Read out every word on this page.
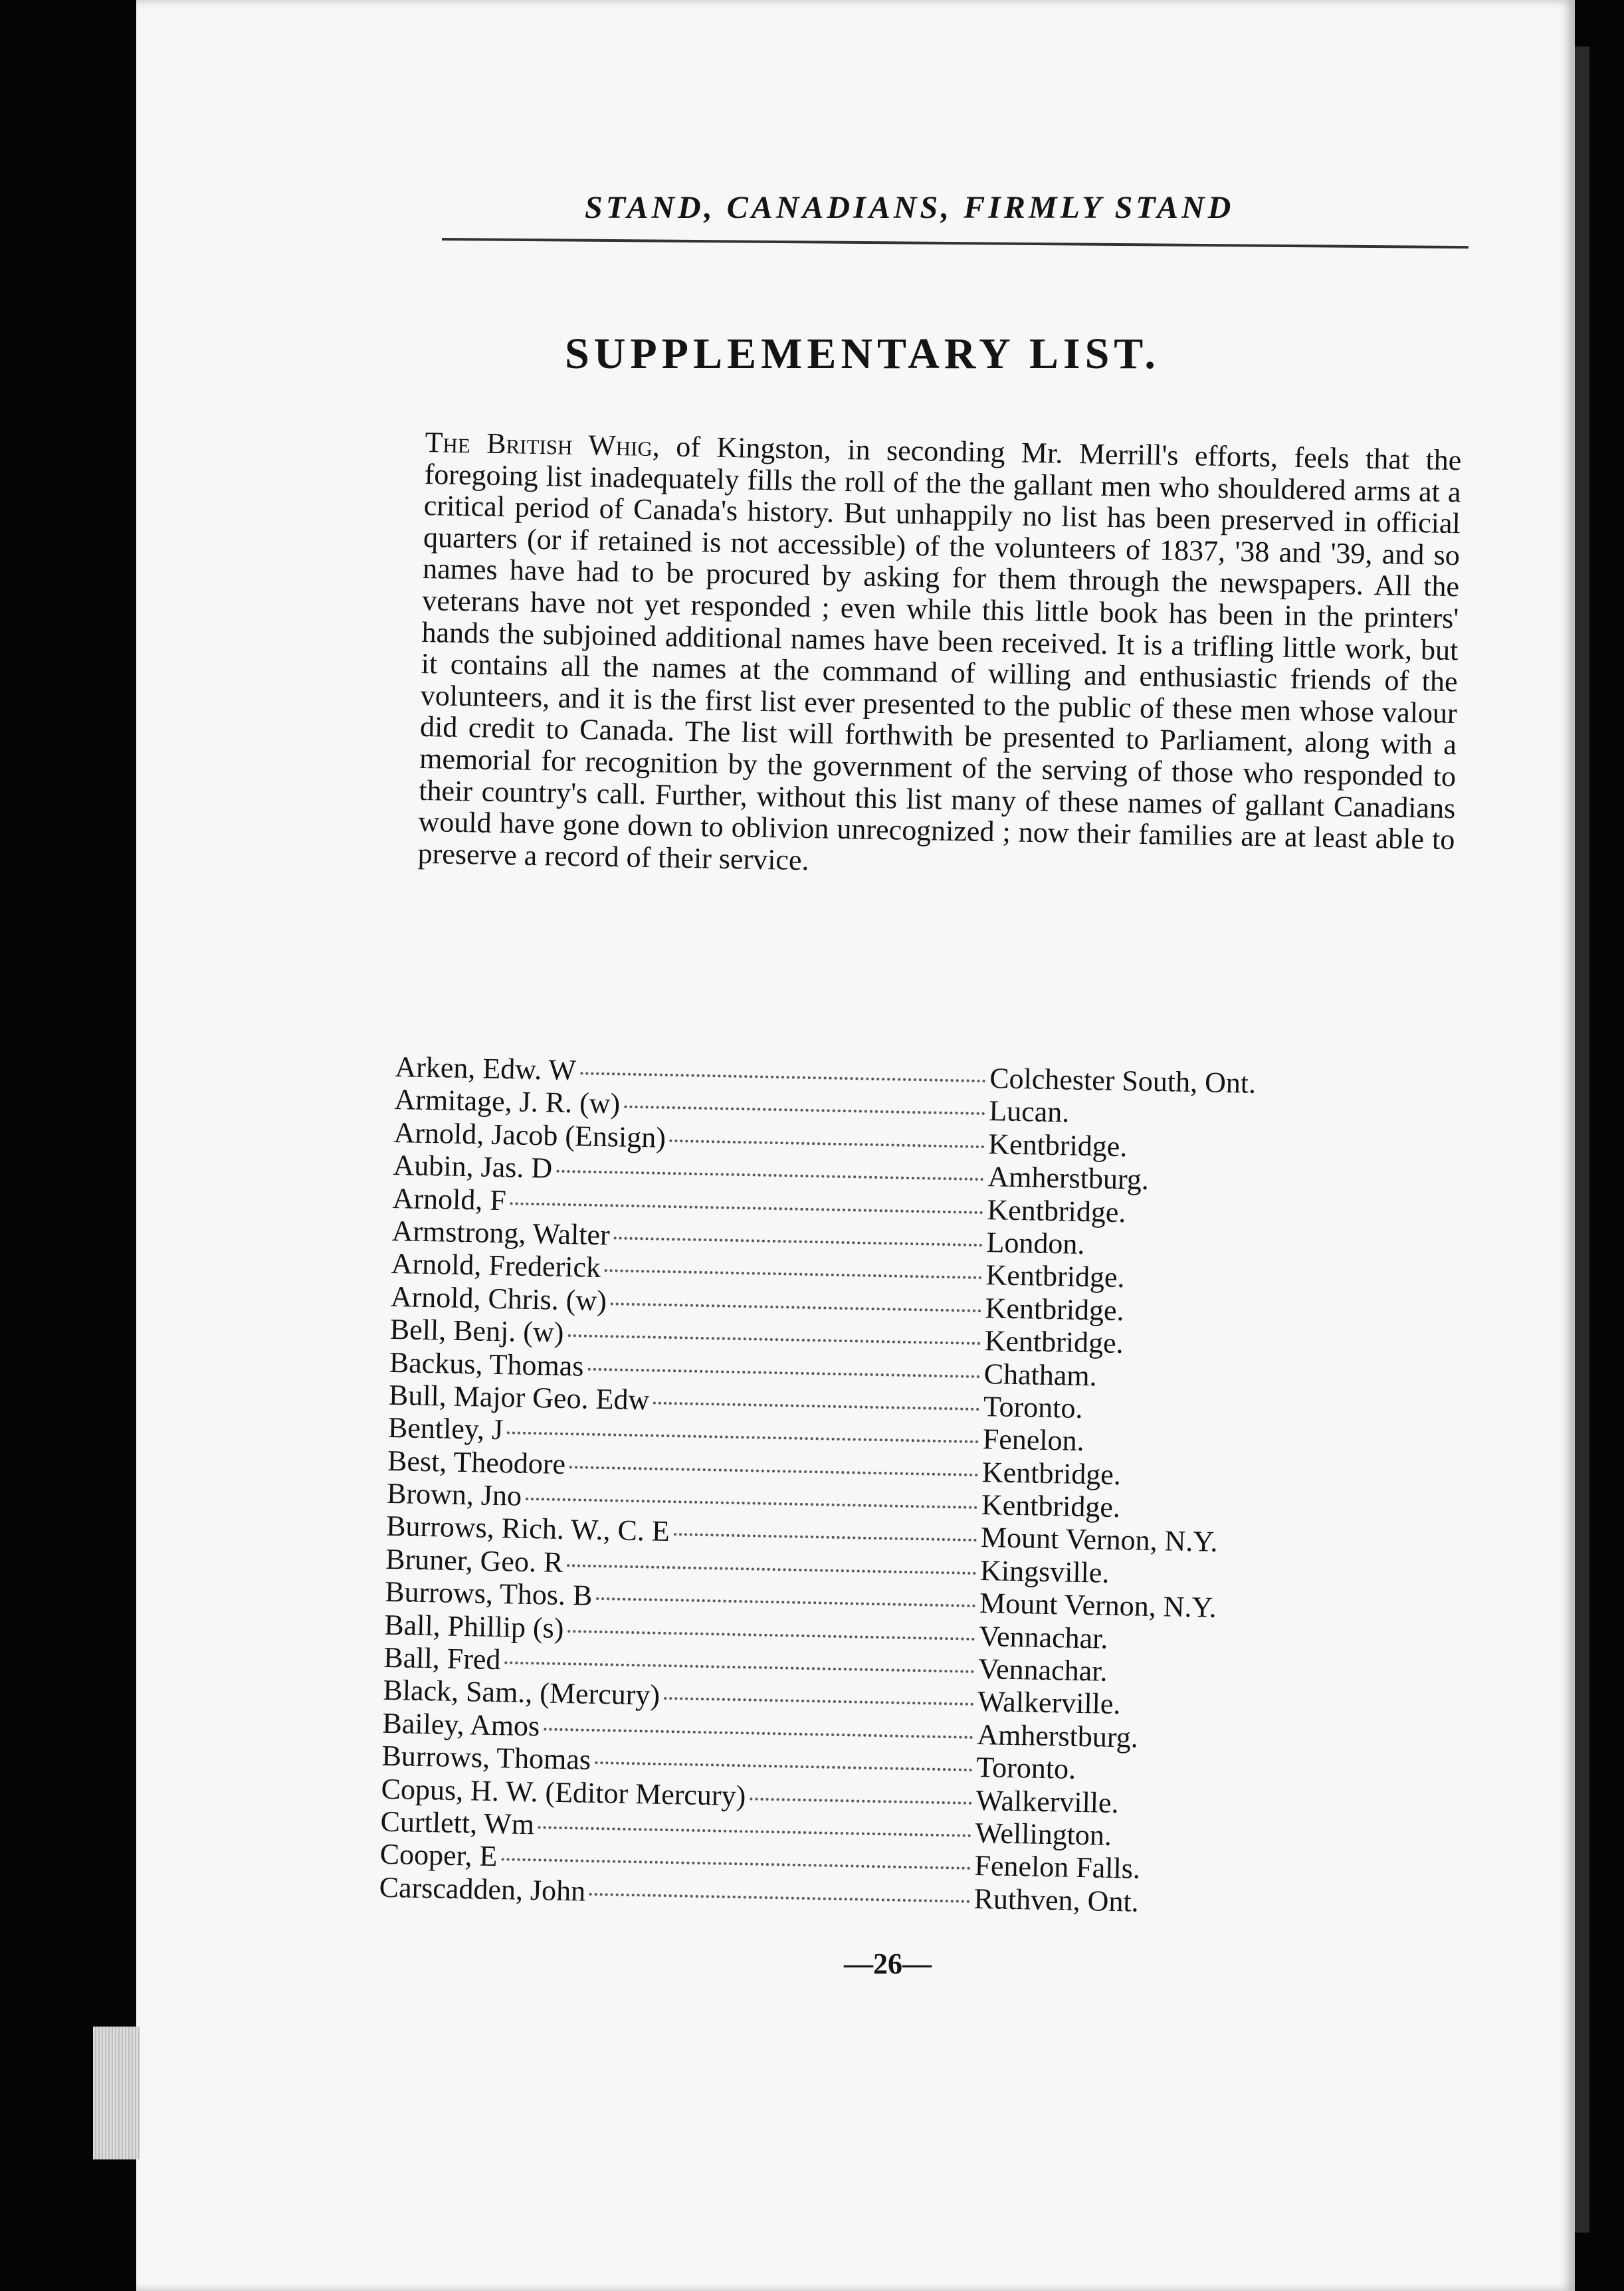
STAND, CANADIANS, FIRMLY STAND
SUPPLEMENTARY LIST.

The British Whig, of Kingston, in seconding Mr. Merrill's efforts, feels that the foregoing list inadequately fills the roll of the the gallant men who shouldered arms at a critical period of Canada's history. But unhappily no list has been preserved in official quarters (or if retained is not accessible) of the volunteers of 1837, '38 and '39, and so names have had to be procured by asking for them through the newspapers. All the veterans have not yet responded ; even while this little book has been in the printers' hands the subjoined additional names have been received. It is a trifling little work, but it contains all the names at the command of willing and enthusiastic friends of the volunteers, and it is the first list ever presented to the public of these men whose valour did credit to Canada. The list will forthwith be presented to Parliament, along with a memorial for recognition by the government of the serving of those who responded to their country's call. Further, without this list many of these names of gallant Canadians would have gone down to oblivion unrecognized ; now their families are at least able to preserve a record of their service.

Arken, Edw. W	Colchester South, Ont.
Armitage, J. R. (w)	Lucan.
Arnold, Jacob (Ensign)	Kentbridge.
Aubin, Jas. D	Amherstburg.
Arnold, F	Kentbridge.
Armstrong, Walter	London.
Arnold, Frederick	Kentbridge.
Arnold, Chris. (w)	Kentbridge.
Bell, Benj. (w)	Kentbridge.
Backus, Thomas	Chatham.
Bull, Major Geo. Edw	Toronto.
Bentley, J	Fenelon.
Best, Theodore	Kentbridge.
Brown, Jno	Kentbridge.
Burrows, Rich. W., C. E	Mount Vernon, N.Y.
Bruner, Geo. R	Kingsville.
Burrows, Thos. B	Mount Vernon, N.Y.
Ball, Phillip (s)	Vennachar.
Ball, Fred	Vennachar.
Black, Sam., (Mercury)	Walkerville.
Bailey, Amos	Amherstburg.
Burrows, Thomas	Toronto.
Copus, H. W. (Editor Mercury)	Walkerville.
Curtlett, Wm	Wellington.
Cooper, E	Fenelon Falls.
Carscadden, John	Ruthven, Ont.
—26—
